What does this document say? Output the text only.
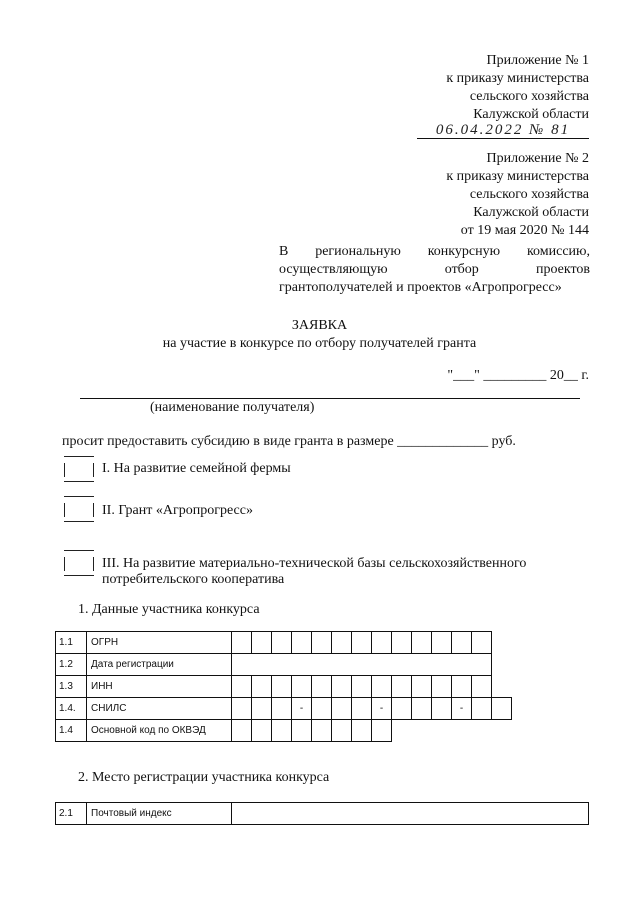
Приложение № 1
к приказу министерства
сельского хозяйства
Калужской области
06.04.2022 № 81
Приложение № 2
к приказу министерства
сельского хозяйства
Калужской области
от 19 мая 2020 № 144
В региональную конкурсную комиссию,
осуществляющую отбор проектов
грантополучателей и проектов «Агропрогресс»
ЗАЯВКА
на участие в конкурсе по отбору получателей гранта
"___" _________ 20__ г.
(наименование получателя)
просит предоставить субсидию в виде гранта в размере _____________ руб.
I. На развитие семейной фермы
II. Грант «Агропрогресс»
III. На развитие материально-технической базы сельскохозяйственного
потребительского кооператива
1. Данные участника конкурса
1.1	ОГРН														
1.2	Дата регистрации														
1.3	ИНН														
1.4.	СНИЛС				-				-				-		
1.4	Основной код по ОКВЭД														
2. Место регистрации участника конкурса
2.1	Почтовый индекс	
